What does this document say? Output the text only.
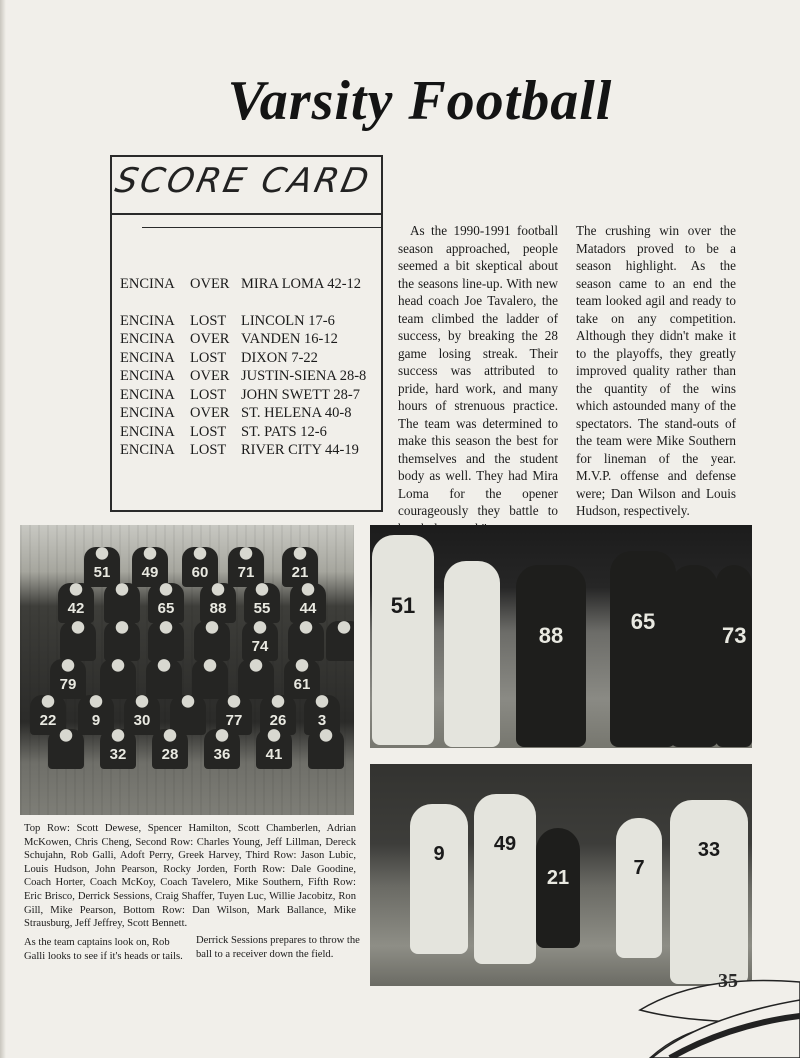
Varsity Football
SCORE CARD
ENCINA	OVER MIRA LOMA 42-12
ENCINA	LOST	LINCOLN 17-6
ENCINA	OVER VANDEN 16-12
ENCINA	LOST	DIXON 7-22
ENCINA	OVER JUSTIN-SIENA 28-8
ENCINA	LOST	JOHN SWETT 28-7
ENCINA	OVER ST. HELENA 40-8
ENCINA	LOST	ST. PATS 12-6
ENCINA	LOST	RIVER CITY 44-19
As the 1990-1991 football season approached, people seemed a bit skeptical about the seasons line-up. With new head coach Joe Tavalero, the team climbed the ladder of success, by breaking the 28 game losing streak. Their success was attributed to pride, hard work, and many hours of strenuous practice. The team was determined to make this season the best for themselves and the student body as well. They had Mira Loma for the opener courageously they battle to
The crushing win over the Matadors proved to be a season highlight. As the season came to an end the team looked agil and ready to take on any competition. Although they didn't make it to the playoffs, they greatly improved quality rather than the quantity of the wins which astounded many of the spectators. The stand-outs of the team were Mike Southern for lineman of the year. M.V.P. offense and defense were; Dan Wilson and Louis Hudson, respectively.
51	49	60	71	21
42	65	88	55	44
74
79	61
22	9	30	77	26	3
32	28	36	41
51
88
65
73
9	49
21
33
7
Top Row: Scott Dewese, Spencer Hamilton, Scott Chamberlen, Adrian McKowen, Chris Cheng, Second Row: Charles Young, Jeff Lillman, Dereck Schujahn, Rob Galli, Adoft Perry, Greek Harvey, Third Row: Jason Lubic, Louis Hudson, John Pearson, Rocky Jorden, Forth Row: Dale Goodine, Coach Horter, Coach McKoy, Coach Tavelero, Mike Southern, Fifth Row: Eric Brisco, Derrick Sessions, Craig Shaffer, Tuyen Luc, Willie Jacobitz, Ron Gill, Mike Pearson, Bottom Row: Dan Wilson, Mark Ballance, Mike Strausburg, Jeff Jeffrey, Scott Bennett.
As the team captains look on, Rob Galli looks to see if it's heads or tails.
Derrick Sessions prepares to throw the ball to a receiver down the field.
35
